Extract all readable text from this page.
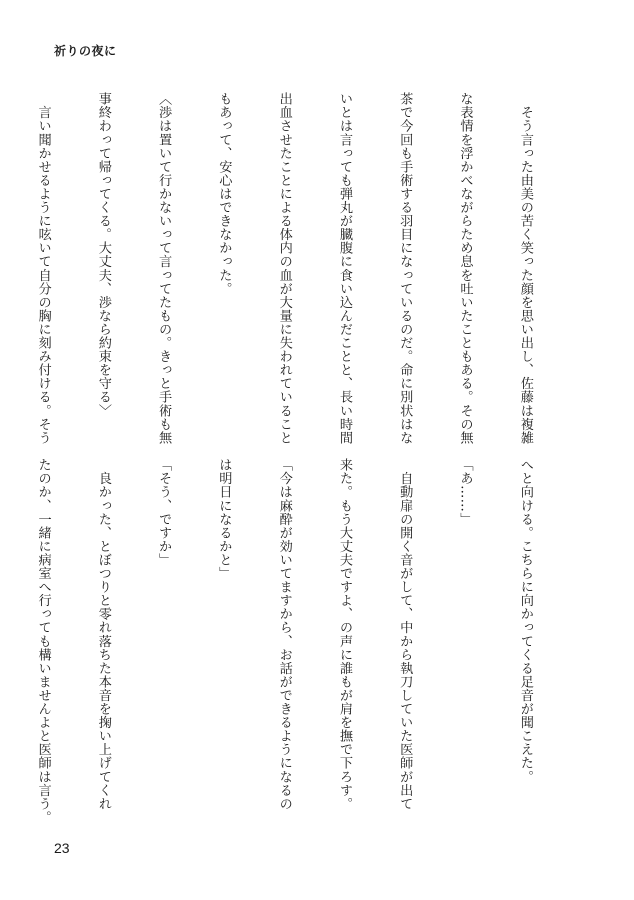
祈りの夜に

　そう言った由美の苦く笑った顔を思い出し、佐藤は複雑

な表情を浮かべながらため息を吐いたこともある。その無

茶で今回も手術する羽目になっているのだ。命に別状はな

いとは言っても弾丸が臓腹に食い込んだことと、長い時間

出血させたことによる体内の血が大量に失われていること

もあって、安心はできなかった。

〈渉は置いて行かないって言ってたもの。きっと手術も無

事終わって帰ってくる。大丈夫、渉なら約束を守る〉

　言い聞かせるように呟いて自分の胸に刻み付ける。そう

へと向ける。こちらに向かってくる足音が聞こえた。

「あ……」

　自動扉の開く音がして、中から執刀していた医師が出て

来た。もう大丈夫ですよ、の声に誰もが肩を撫で下ろす。

「今は麻酔が効いてますから、お話ができるようになるの

は明日になるかと」

「そう、ですか」

　良かった、とぼつりと零れ落ちた本音を掬い上げてくれ

たのか、一緒に病室へ行っても構いませんよと医師は言う。

23
